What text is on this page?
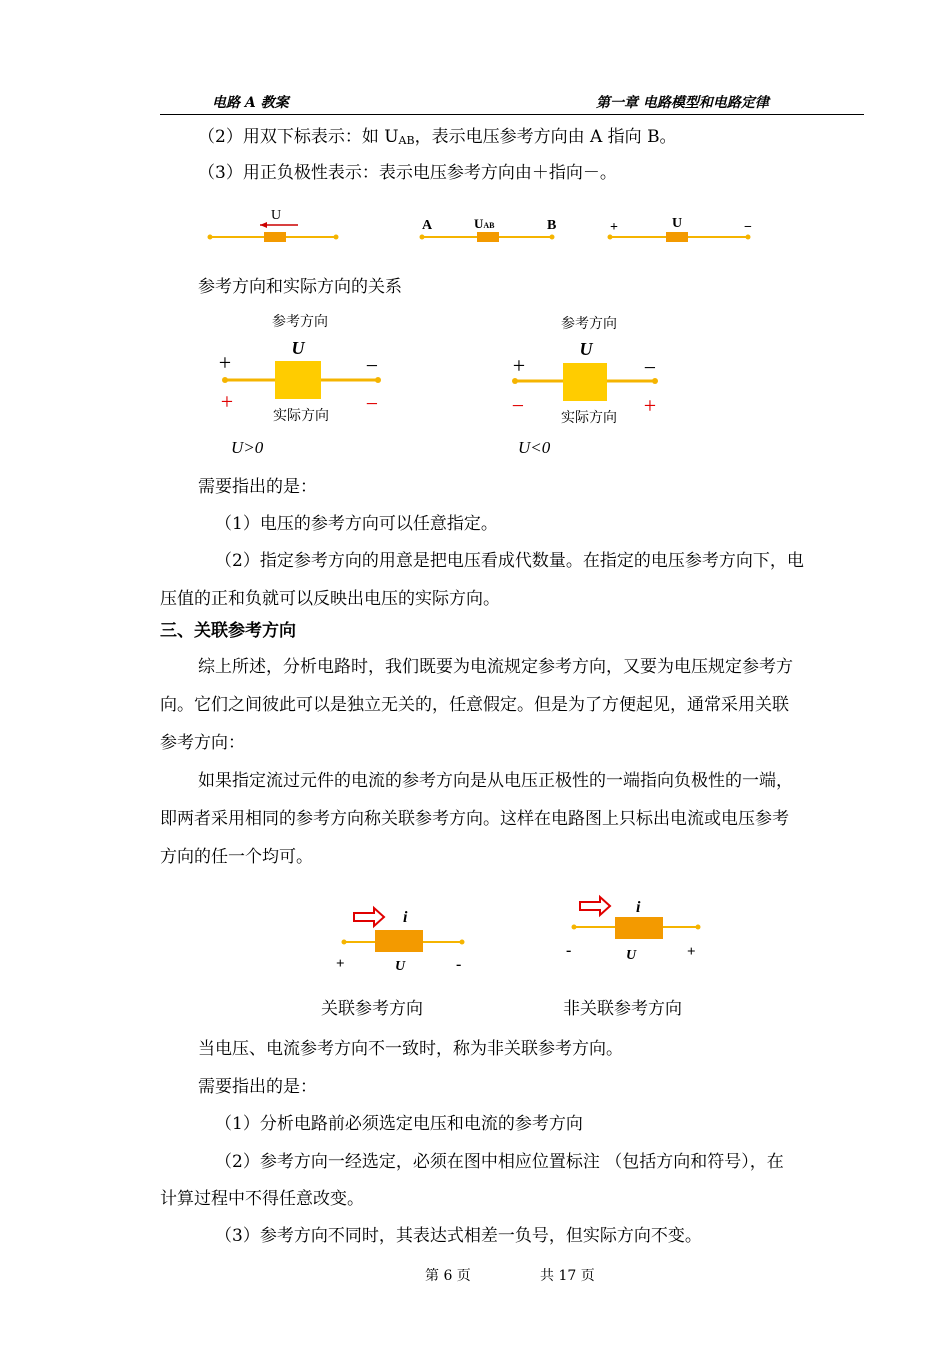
电路 A 教案	第一章 电路模型和电路定律
（2）用双下标表示：如 $U_{AB}$，表示电压参考方向由 A 指向 B。
（3）用正负极性表示：表示电压参考方向由＋指向－。
U
A	UAB	B	+	U	−
参考方向和实际方向的关系
参考方向
U
+	−
+	−
实际方向
U>0
参考方向
U
+	−
−	+
实际方向
U<0
需要指出的是：
（1）电压的参考方向可以任意指定。
（2）指定参考方向的用意是把电压看成代数量。在指定的电压参考方向下，电
压值的正和负就可以反映出电压的实际方向。
三、关联参考方向
综上所述，分析电路时，我们既要为电流规定参考方向，又要为电压规定参考方
向。它们之间彼此可以是独立无关的，任意假定。但是为了方便起见，通常采用关联
参考方向：
如果指定流过元件的电流的参考方向是从电压正极性的一端指向负极性的一端，
即两者采用相同的参考方向称关联参考方向。这样在电路图上只标出电流或电压参考
方向的任一个均可。
i
+	U	-
i
-	U	+
关联参考方向	非关联参考方向
当电压、电流参考方向不一致时，称为非关联参考方向。
需要指出的是：
（1）分析电路前必须选定电压和电流的参考方向
（2）参考方向一经选定，必须在图中相应位置标注 （包括方向和符号），在
计算过程中不得任意改变。
（3）参考方向不同时，其表达式相差一负号，但实际方向不变。
第 6 页	共 17 页
